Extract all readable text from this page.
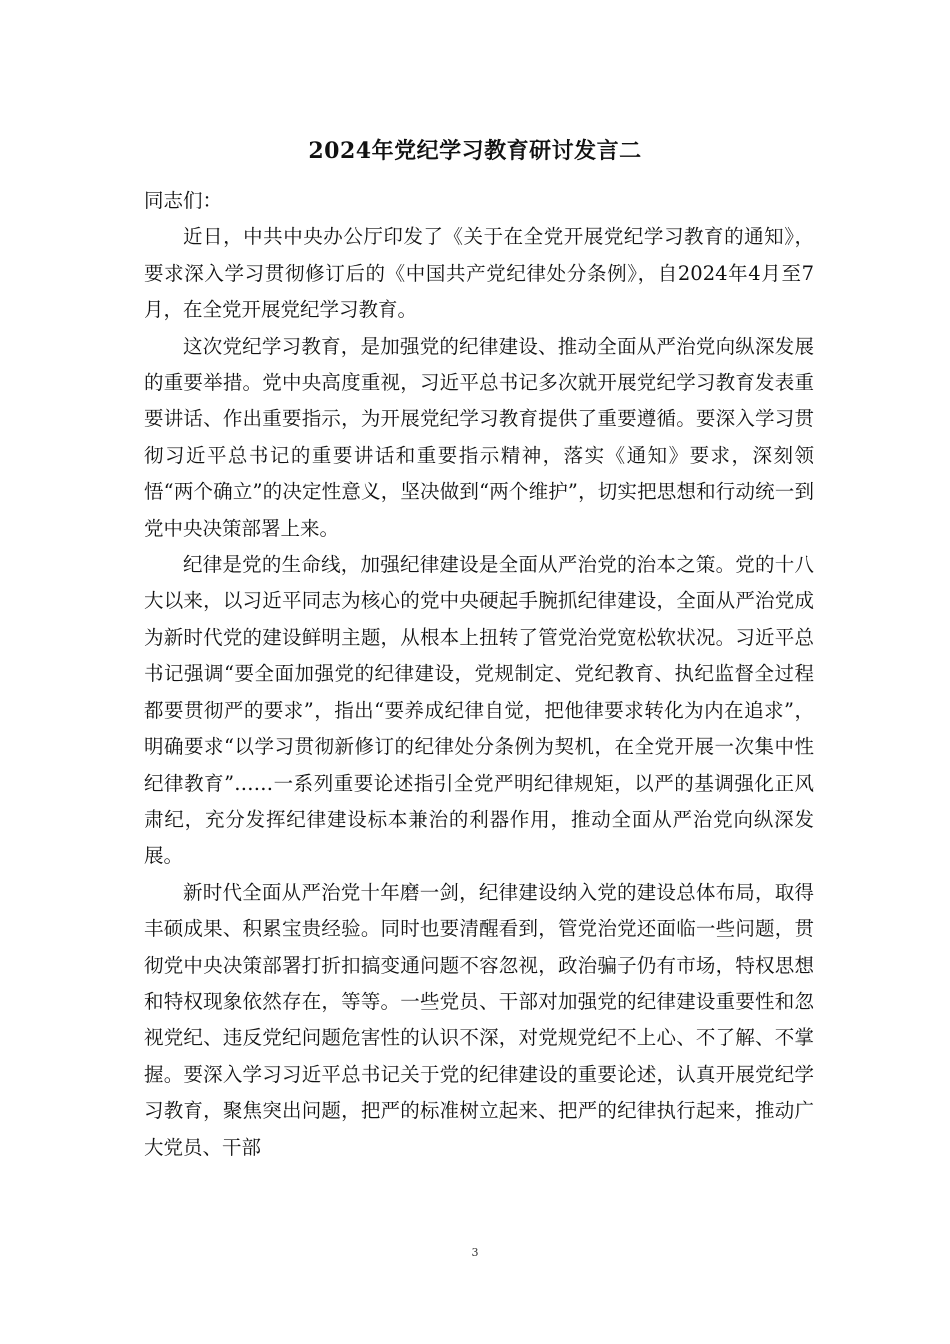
2024年党纪学习教育研讨发言二

同志们：

近日，中共中央办公厅印发了《关于在全党开展党纪学习教育的通知》，要求深入学习贯彻修订后的《中国共产党纪律处分条例》，自2024年4月至7月，在全党开展党纪学习教育。

这次党纪学习教育，是加强党的纪律建设、推动全面从严治党向纵深发展的重要举措。党中央高度重视，习近平总书记多次就开展党纪学习教育发表重要讲话、作出重要指示，为开展党纪学习教育提供了重要遵循。要深入学习贯彻习近平总书记的重要讲话和重要指示精神，落实《通知》要求，深刻领悟“两个确立”的决定性意义，坚决做到“两个维护”，切实把思想和行动统一到党中央决策部署上来。

纪律是党的生命线，加强纪律建设是全面从严治党的治本之策。党的十八大以来，以习近平同志为核心的党中央硬起手腕抓纪律建设，全面从严治党成为新时代党的建设鲜明主题，从根本上扭转了管党治党宽松软状况。习近平总书记强调“要全面加强党的纪律建设，党规制定、党纪教育、执纪监督全过程都要贯彻严的要求”，指出“要养成纪律自觉，把他律要求转化为内在追求”，明确要求“以学习贯彻新修订的纪律处分条例为契机，在全党开展一次集中性纪律教育”……一系列重要论述指引全党严明纪律规矩，以严的基调强化正风肃纪，充分发挥纪律建设标本兼治的利器作用，推动全面从严治党向纵深发展。

新时代全面从严治党十年磨一剑，纪律建设纳入党的建设总体布局，取得丰硕成果、积累宝贵经验。同时也要清醒看到，管党治党还面临一些问题，贯彻党中央决策部署打折扣搞变通问题不容忽视，政治骗子仍有市场，特权思想和特权现象依然存在，等等。一些党员、干部对加强党的纪律建设重要性和忽视党纪、违反党纪问题危害性的认识不深，对党规党纪不上心、不了解、不掌握。要深入学习习近平总书记关于党的纪律建设的重要论述，认真开展党纪学习教育，聚焦突出问题，把严的标准树立起来、把严的纪律执行起来，推动广大党员、干部

3
